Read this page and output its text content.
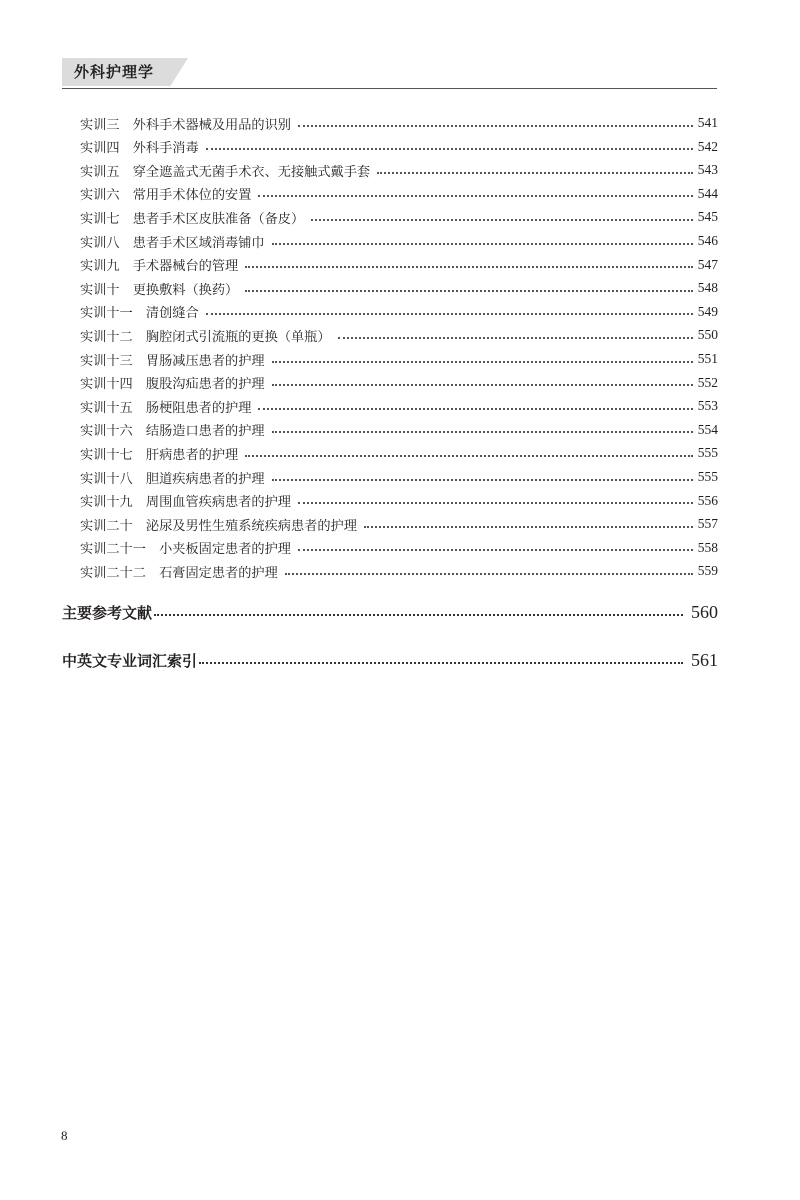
外科护理学
实训三　外科手术器械及用品的识别	541
实训四　外科手消毒	542
实训五　穿全遮盖式无菌手术衣、无接触式戴手套	543
实训六　常用手术体位的安置	544
实训七　患者手术区皮肤准备（备皮）	545
实训八　患者手术区域消毒铺巾	546
实训九　手术器械台的管理	547
实训十　更换敷料（换药）	548
实训十一　清创缝合	549
实训十二　胸腔闭式引流瓶的更换（单瓶）	550
实训十三　胃肠减压患者的护理	551
实训十四　腹股沟疝患者的护理	552
实训十五　肠梗阻患者的护理	553
实训十六　结肠造口患者的护理	554
实训十七　肝病患者的护理	555
实训十八　胆道疾病患者的护理	555
实训十九　周围血管疾病患者的护理	556
实训二十　泌尿及男性生殖系统疾病患者的护理	557
实训二十一　小夹板固定患者的护理	558
实训二十二　石膏固定患者的护理	559
主要参考文献	560
中英文专业词汇索引	561
8
